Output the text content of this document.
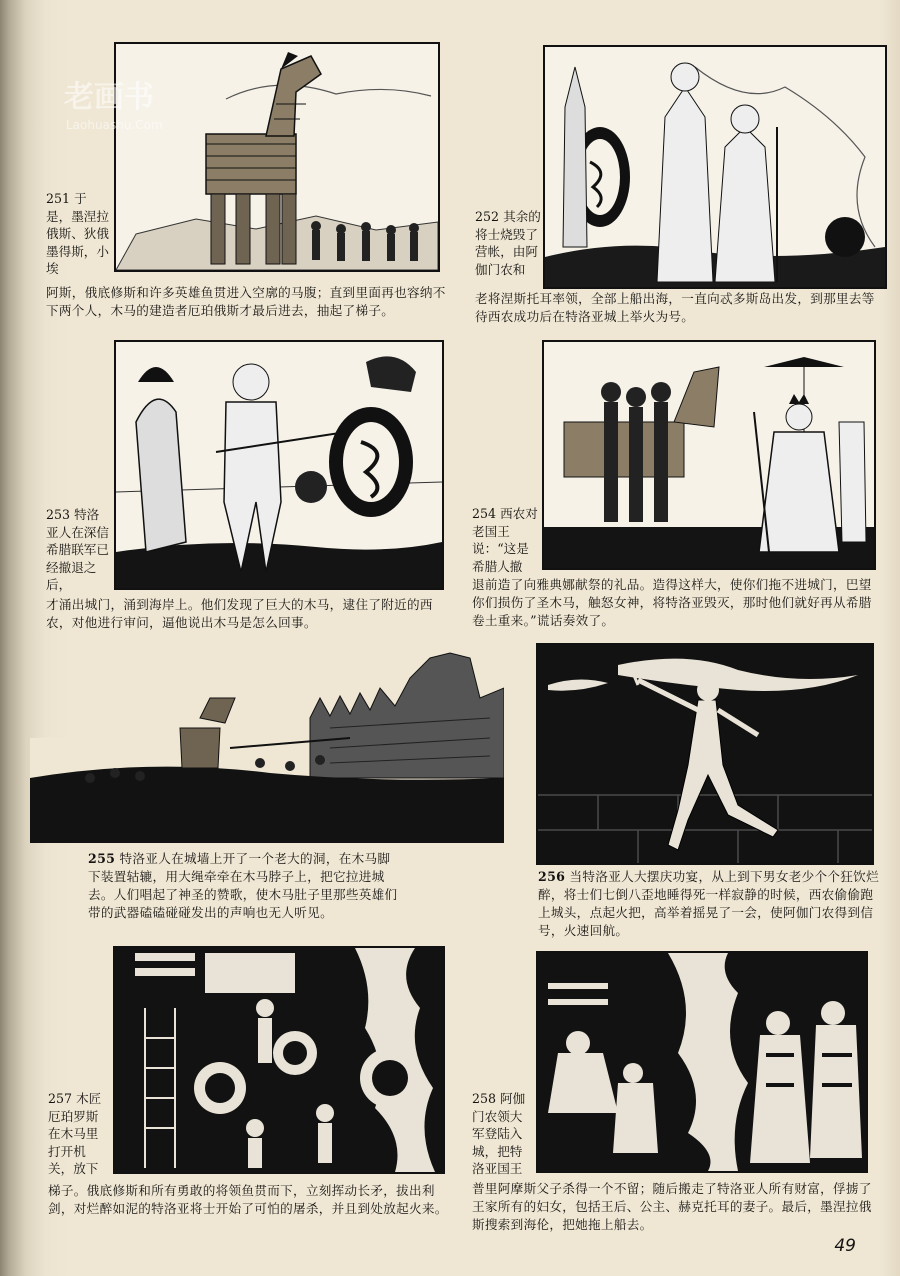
251 于是，墨涅拉俄斯、狄俄墨得斯，小埃
阿斯，俄底修斯和许多英雄鱼贯进入空廓的马腹；直到里面再也容纳不下两个人，木马的建造者厄珀俄斯才最后进去，抽起了梯子。
252 其余的将士烧毁了营帐，由阿伽门农和
老将涅斯托耳率领，全部上船出海，一直向忒多斯岛出发，到那里去等待西农成功后在特洛亚城上举火为号。
253 特洛亚人在深信希腊联军已经撤退之后，
才涌出城门，涌到海岸上。他们发现了巨大的木马，逮住了附近的西农，对他进行审问，逼他说出木马是怎么回事。
254 西农对老国王说：“这是希腊人撤
退前造了向雅典娜献祭的礼品。造得这样大，使你们拖不进城门，巴望你们损伤了圣木马，触怒女神，将特洛亚毁灭，那时他们就好再从希腊卷土重来。”谎话奏效了。
255 特洛亚人在城墙上开了一个老大的洞，在木马脚下装置轱辘，用大绳牵牵在木马脖子上，把它拉进城去。人们唱起了神圣的赞歌，使木马肚子里那些英雄们带的武器磕磕碰碰发出的声响也无人听见。
256 当特洛亚人大摆庆功宴，从上到下男女老少个个狂饮烂醉，将士们七倒八歪地睡得死一样寂静的时候，西农偷偷跑上城头，点起火把，高举着摇晃了一会，使阿伽门农得到信号，火速回航。
257 木匠厄珀罗斯在木马里打开机关，放下
梯子。俄底修斯和所有勇敢的将领鱼贯而下，立刻挥动长矛，拔出利剑，对烂醉如泥的特洛亚将士开始了可怕的屠杀，并且到处放起火来。
258 阿伽门农领大军登陆入城，把特洛亚国王
普里阿摩斯父子杀得一个不留；随后搬走了特洛亚人所有财富，俘掳了王家所有的妇女，包括王后、公主、赫克托耳的妻子。最后，墨涅拉俄斯搜索到海伦，把她拖上船去。
老画书
Laohuashu.Com
49
